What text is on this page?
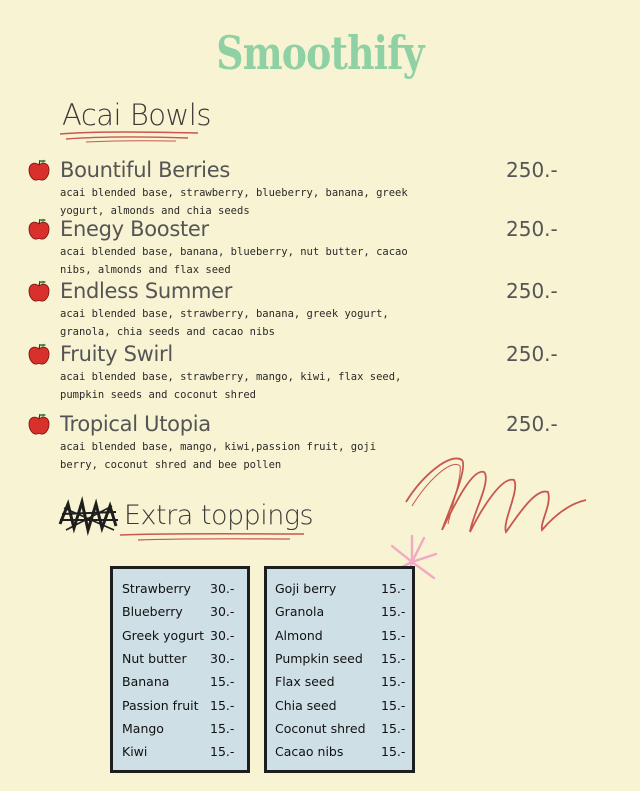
Smoothify
Acai Bowls
Bountiful Berries	250.-
acai blended base, strawberry, blueberry, banana, greek yogurt, almonds and chia seeds
Enegy Booster	250.-
acai blended base, banana, blueberry, nut butter, cacao nibs, almonds and flax seed
Endless Summer	250.-
acai blended base, strawberry, banana, greek yogurt, granola, chia seeds and cacao nibs
Fruity Swirl	250.-
acai blended base, strawberry, mango, kiwi, flax seed, pumpkin seeds and coconut shred
Tropical Utopia	250.-
acai blended base, mango, kiwi,passion fruit, goji berry, coconut shred and bee pollen
Extra toppings
Strawberry 30.-
Blueberry 30.-
Greek yogurt 30.-
Nut butter 30.-
Banana	15.-
Passion fruit 15.-
Mango	15.-
Kiwi	15.-
Goji berry	15.-
Granola	15.-
Almond	15.-
Pumpkin seed 15.-
Flax seed	15.-
Chia seed	15.-
Coconut shred 15.-
Cacao nibs	15.-
